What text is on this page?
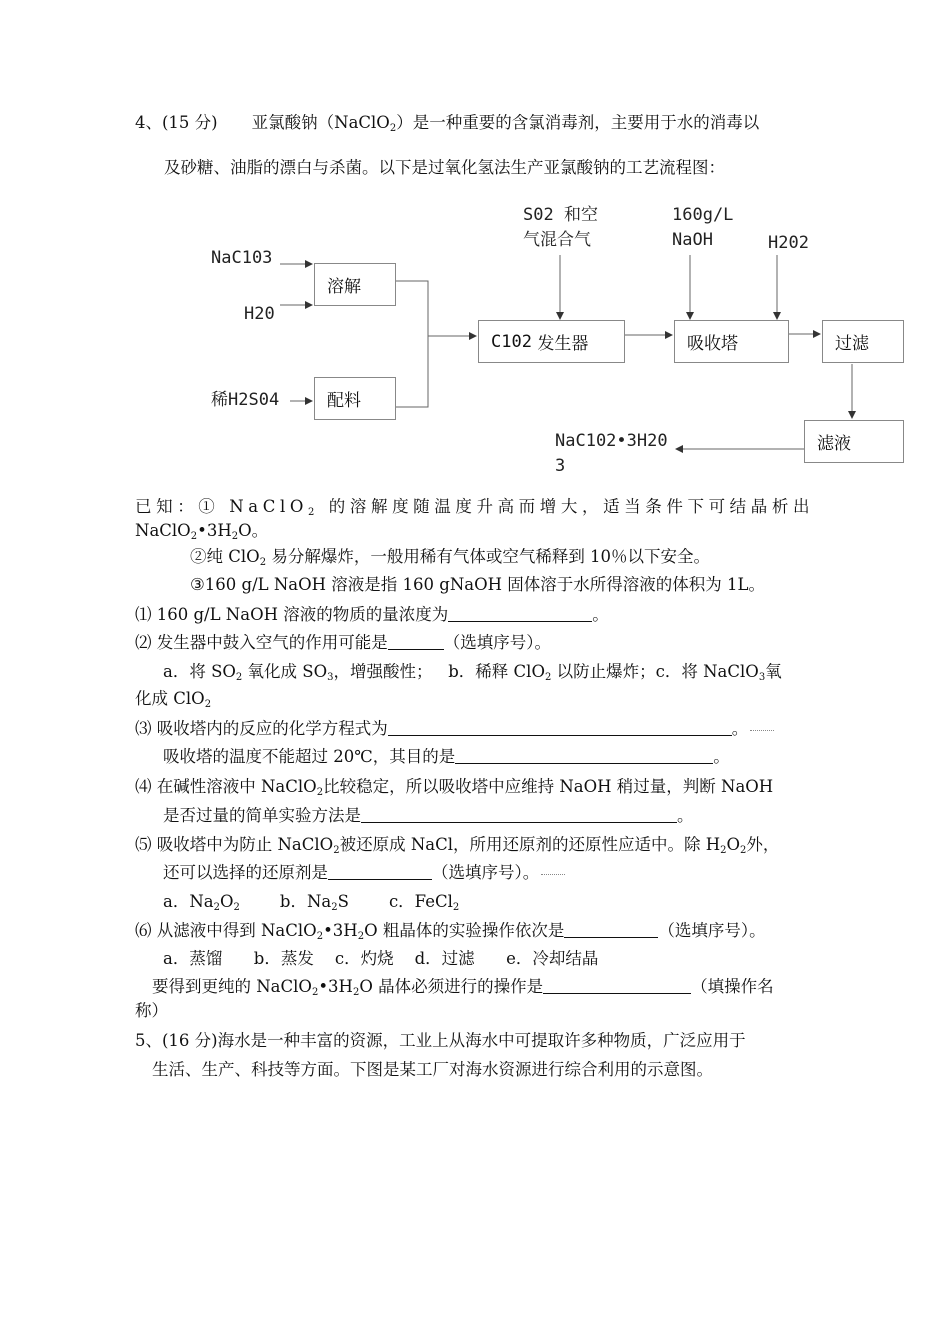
4、(15 分) 亚氯酸钠（NaClO$_2$）是一种重要的含氯消毒剂，主要用于水的消毒以
及砂糖、油脂的漂白与杀菌。以下是过氧化氢法生产亚氯酸钠的工艺流程图：
NaC103
H20
稀H2S04
溶解
配料
S02 和空
气混合气
C102
发生器
160g/L
NaOH	H202
吸收塔	过滤
滤液
NaC102•3H20
3
已知：① NaClO$_2$ 的溶解度随温度升高而增大，适当条件下可结晶析出
$NaClO_2•3H_2O$。
②纯 ClO$_2$ 易分解爆炸，一般用稀有气体或空气稀释到 10％以下安全。
③160 g/L NaOH 溶液是指 160 gNaOH 固体溶于水所得溶液的体积为 1L。
⑴ 160 g/L NaOH 溶液的物质的量浓度为	。
⑵ 发生器中鼓入空气的作用可能是	（选填序号）。
a．将 $SO_2$ 氧化成 $SO_3$，增强酸性；   b．稀释 ClO$_2$ 以防止爆炸；c．将 NaClO$_3$氧
化成 ClO$_2$
⑶ 吸收塔内的反应的化学方程式为	。
吸收塔的温度不能超过 20℃，其目的是	。
⑷ 在碱性溶液中 NaClO$_2$比较稳定，所以吸收塔中应维持 NaOH 稍过量，判断 NaOH
是否过量的简单实验方法是	。
⑸ 吸收塔中为防止 NaClO$_2$被还原成 NaCl，所用还原剂的还原性应适中。除 $H_2O_2$外，
还可以选择的还原剂是	（选填序号）。
a．$Na_2O_2$ b．$Na_2S$ c．FeCl$_2$
⑹ 从滤液中得到 $NaClO_2•3H_2O$ 粗晶体的实验操作依次是	（选填序号）。
a．蒸馏      b．蒸发    c．灼烧    d．过滤      e．冷却结晶
要得到更纯的 $NaClO_2•3H_2O$ 晶体必须进行的操作是	（填操作名
称）
5、(16 分)海水是一种丰富的资源，工业上从海水中可提取许多种物质，广泛应用于
生活、生产、科技等方面。下图是某工厂对海水资源进行综合利用的示意图。
